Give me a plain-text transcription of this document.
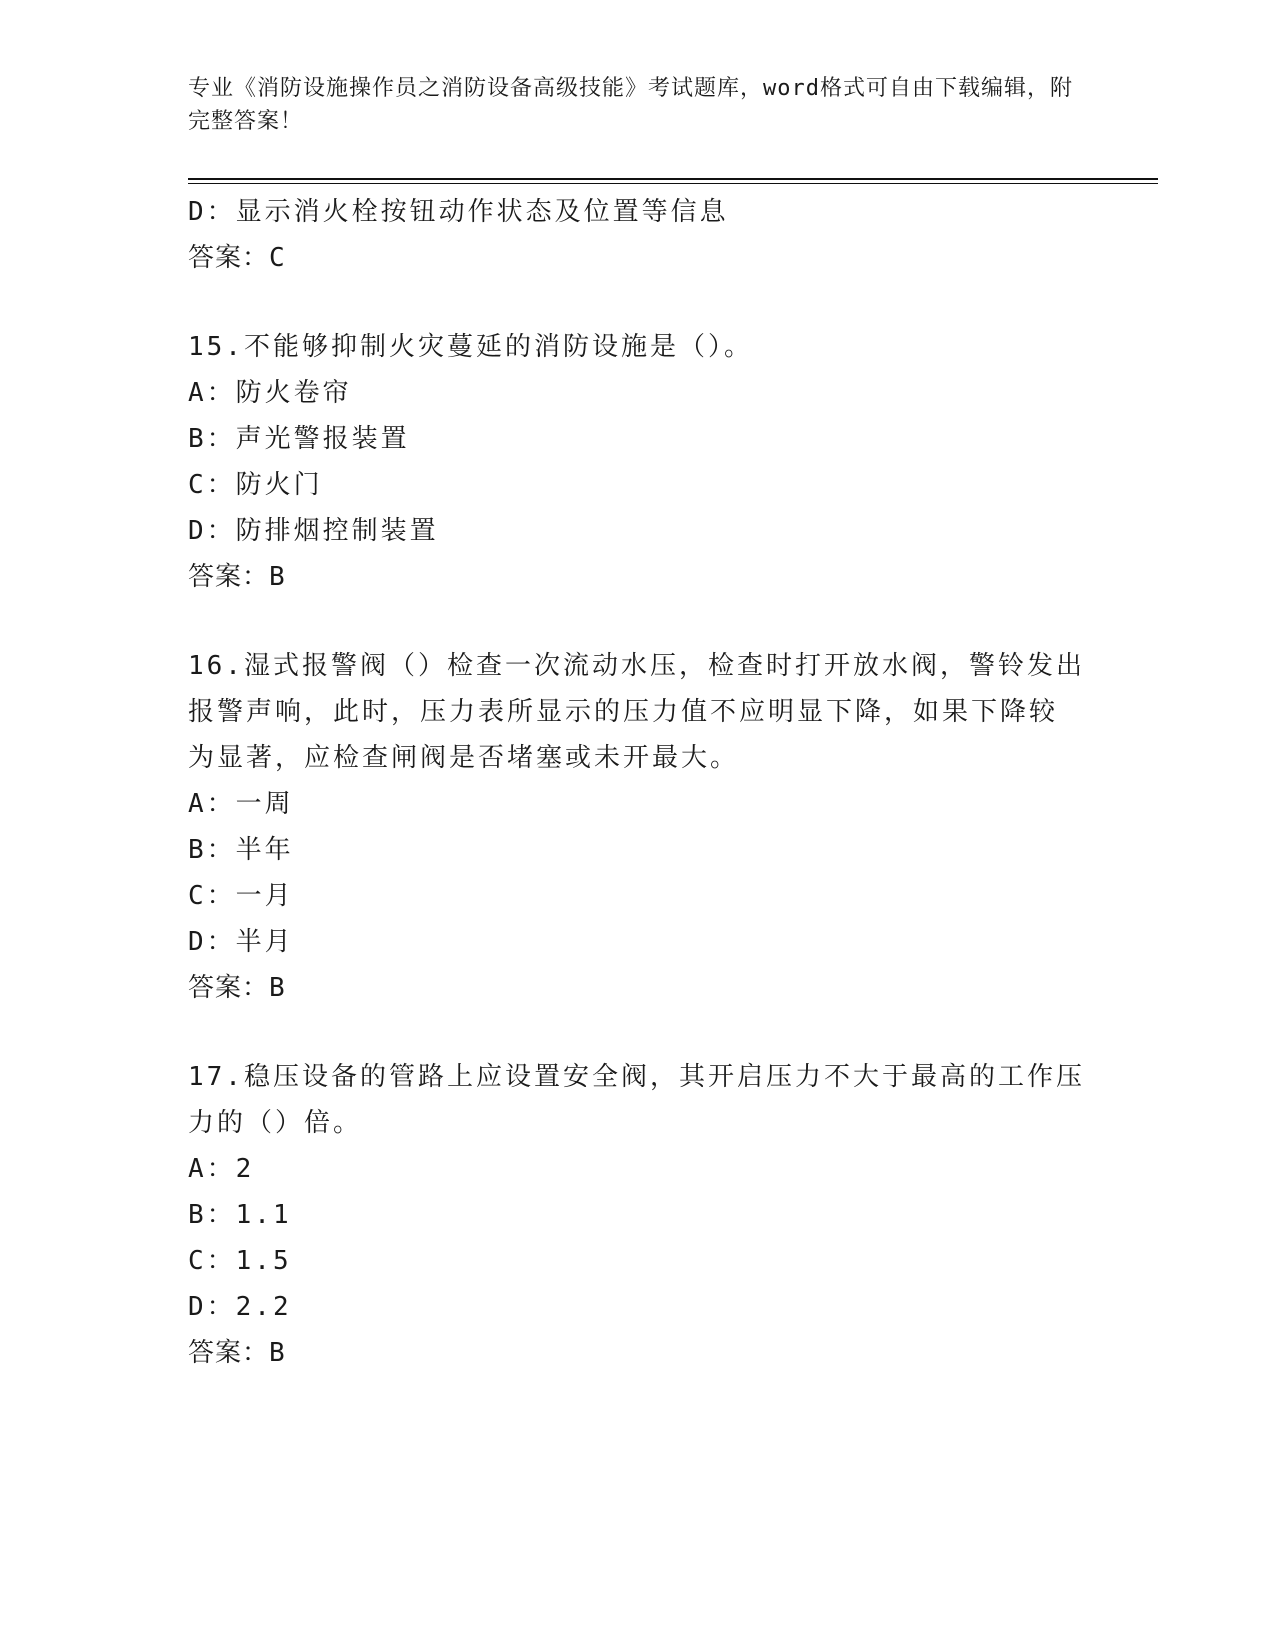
专业《消防设施操作员之消防设备高级技能》考试题库，word格式可自由下载编辑，附完整答案！
D：显示消火栓按钮动作状态及位置等信息
答案：C
15.不能够抑制火灾蔓延的消防设施是（）。
A：防火卷帘
B：声光警报装置
C：防火门
D：防排烟控制装置
答案：B
16.湿式报警阀（）检查一次流动水压，检查时打开放水阀，警铃发出
报警声响，此时，压力表所显示的压力值不应明显下降，如果下降较
为显著，应检查闸阀是否堵塞或未开最大。
A：一周
B：半年
C：一月
D：半月
答案：B
17.稳压设备的管路上应设置安全阀，其开启压力不大于最高的工作压
力的（）倍。
A：2
B：1.1
C：1.5
D：2.2
答案：B
